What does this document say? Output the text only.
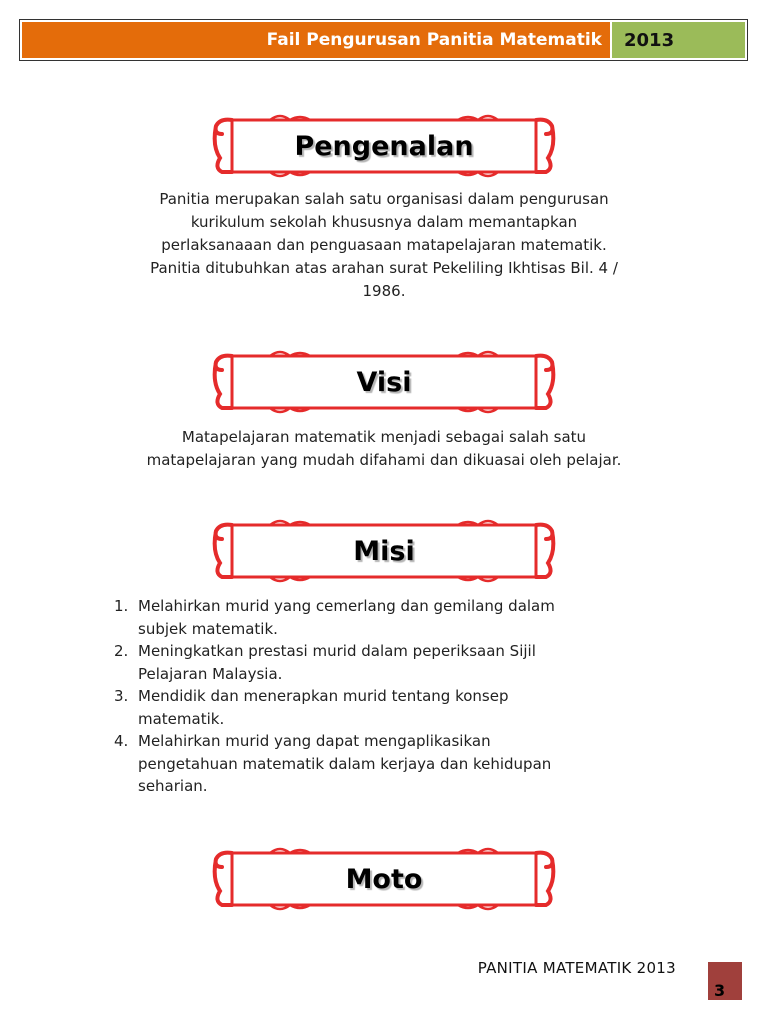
Fail Pengurusan Panitia Matematik	2013
Pengenalan
Panitia merupakan salah satu organisasi dalam pengurusan
kurikulum sekolah khususnya dalam memantapkan
perlaksanaaan dan penguasaan matapelajaran matematik.
Panitia ditubuhkan atas arahan surat Pekeliling Ikhtisas Bil. 4 /
1986.
Visi
Matapelajaran matematik menjadi sebagai salah satu
matapelajaran yang mudah difahami dan dikuasai oleh pelajar.
Misi
1. Melahirkan murid yang cemerlang dan gemilang dalam
subjek matematik.
2. Meningkatkan prestasi murid dalam peperiksaan Sijil
Pelajaran Malaysia.
3. Mendidik dan menerapkan murid tentang konsep
matematik.
4. Melahirkan murid yang dapat mengaplikasikan
pengetahuan matematik dalam kerjaya dan kehidupan
seharian.
Moto
PANITIA MATEMATIK 2013
3
